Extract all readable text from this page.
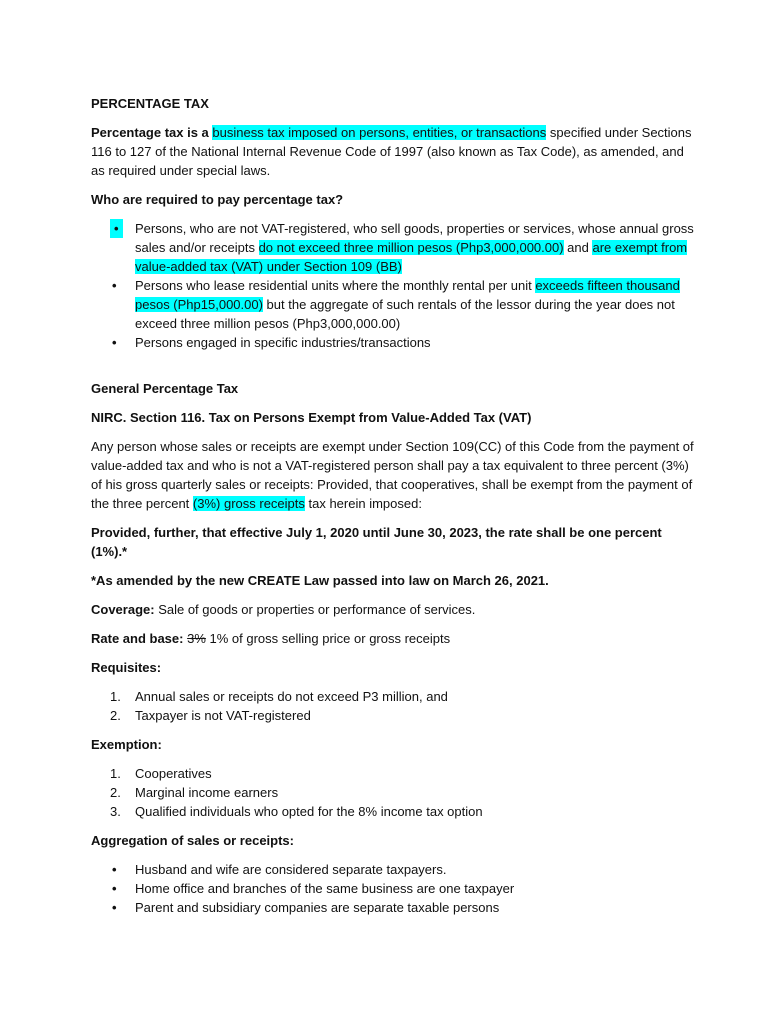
PERCENTAGE TAX

Percentage tax is a business tax imposed on persons, entities, or transactions specified under Sections 116 to 127 of the National Internal Revenue Code of 1997 (also known as Tax Code), as amended, and as required under special laws.

Who are required to pay percentage tax?

• Persons, who are not VAT-registered, who sell goods, properties or services, whose annual gross sales and/or receipts do not exceed three million pesos (Php3,000,000.00) and are exempt from value-added tax (VAT) under Section 109 (BB)
• Persons who lease residential units where the monthly rental per unit exceeds fifteen thousand pesos (Php15,000.00) but the aggregate of such rentals of the lessor during the year does not exceed three million pesos (Php3,000,000.00)
• Persons engaged in specific industries/transactions

General Percentage Tax

NIRC. Section 116. Tax on Persons Exempt from Value-Added Tax (VAT)

Any person whose sales or receipts are exempt under Section 109(CC) of this Code from the payment of value-added tax and who is not a VAT-registered person shall pay a tax equivalent to three percent (3%) of his gross quarterly sales or receipts: Provided, that cooperatives, shall be exempt from the payment of the three percent (3%) gross receipts tax herein imposed:

Provided, further, that effective July 1, 2020 until June 30, 2023, the rate shall be one percent (1%).*

*As amended by the new CREATE Law passed into law on March 26, 2021.

Coverage: Sale of goods or properties or performance of services.

Rate and base: 3% 1% of gross selling price or gross receipts

Requisites:

1. Annual sales or receipts do not exceed P3 million, and
2. Taxpayer is not VAT-registered

Exemption:

1. Cooperatives
2. Marginal income earners
3. Qualified individuals who opted for the 8% income tax option

Aggregation of sales or receipts:

• Husband and wife are considered separate taxpayers.
• Home office and branches of the same business are one taxpayer
• Parent and subsidiary companies are separate taxable persons
